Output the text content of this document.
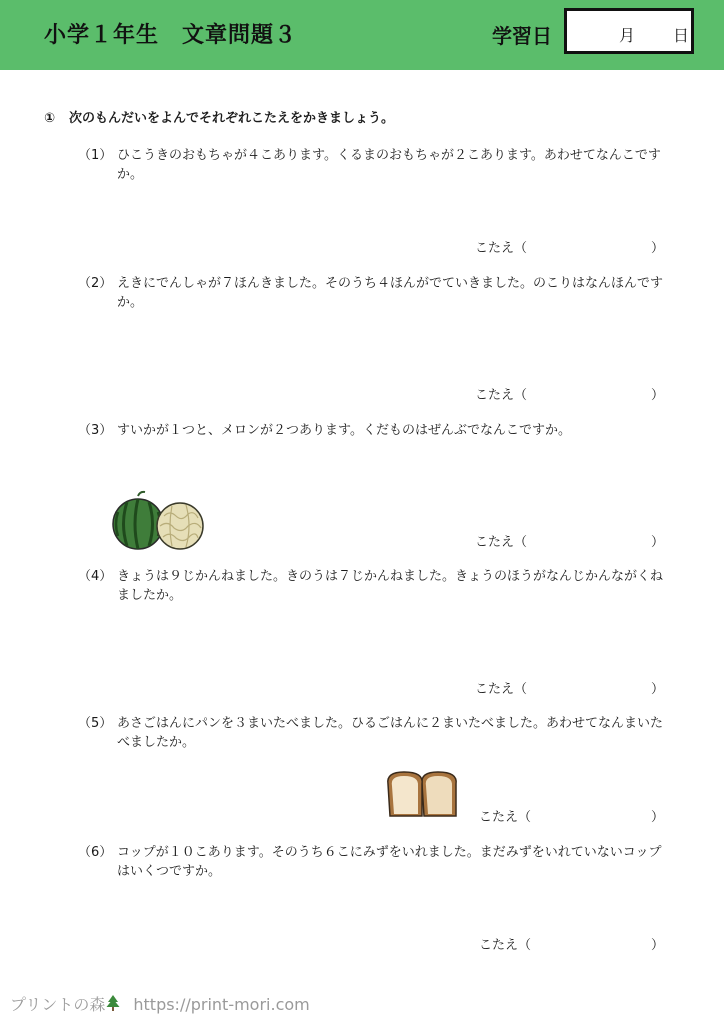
小学１年生　文章問題３	学習日	月 日
① 次のもんだいをよんでそれぞれこたえをかきましょう。
（1） ひこうきのおもちゃが４こあります。くるまのおもちゃが２こあります。あわせてなんこですか。
こたえ（	）
（2） えきにでんしゃが７ほんきました。そのうち４ほんがでていきました。のこりはなんほんですか。
こたえ（	）
（3） すいかが１つと、メロンが２つあります。くだものはぜんぶでなんこですか。
こたえ（	）
（4） きょうは９じかんねました。きのうは７じかんねました。きょうのほうがなんじかんながくねましたか。
こたえ（	）
（5） あさごはんにパンを３まいたべました。ひるごはんに２まいたべました。あわせてなんまいたべましたか。
こたえ（	）
（6） コップが１０こあります。そのうち６こにみずをいれました。まだみずをいれていないコップはいくつですか。
こたえ（	）
プリントの森 https://print-mori.com
